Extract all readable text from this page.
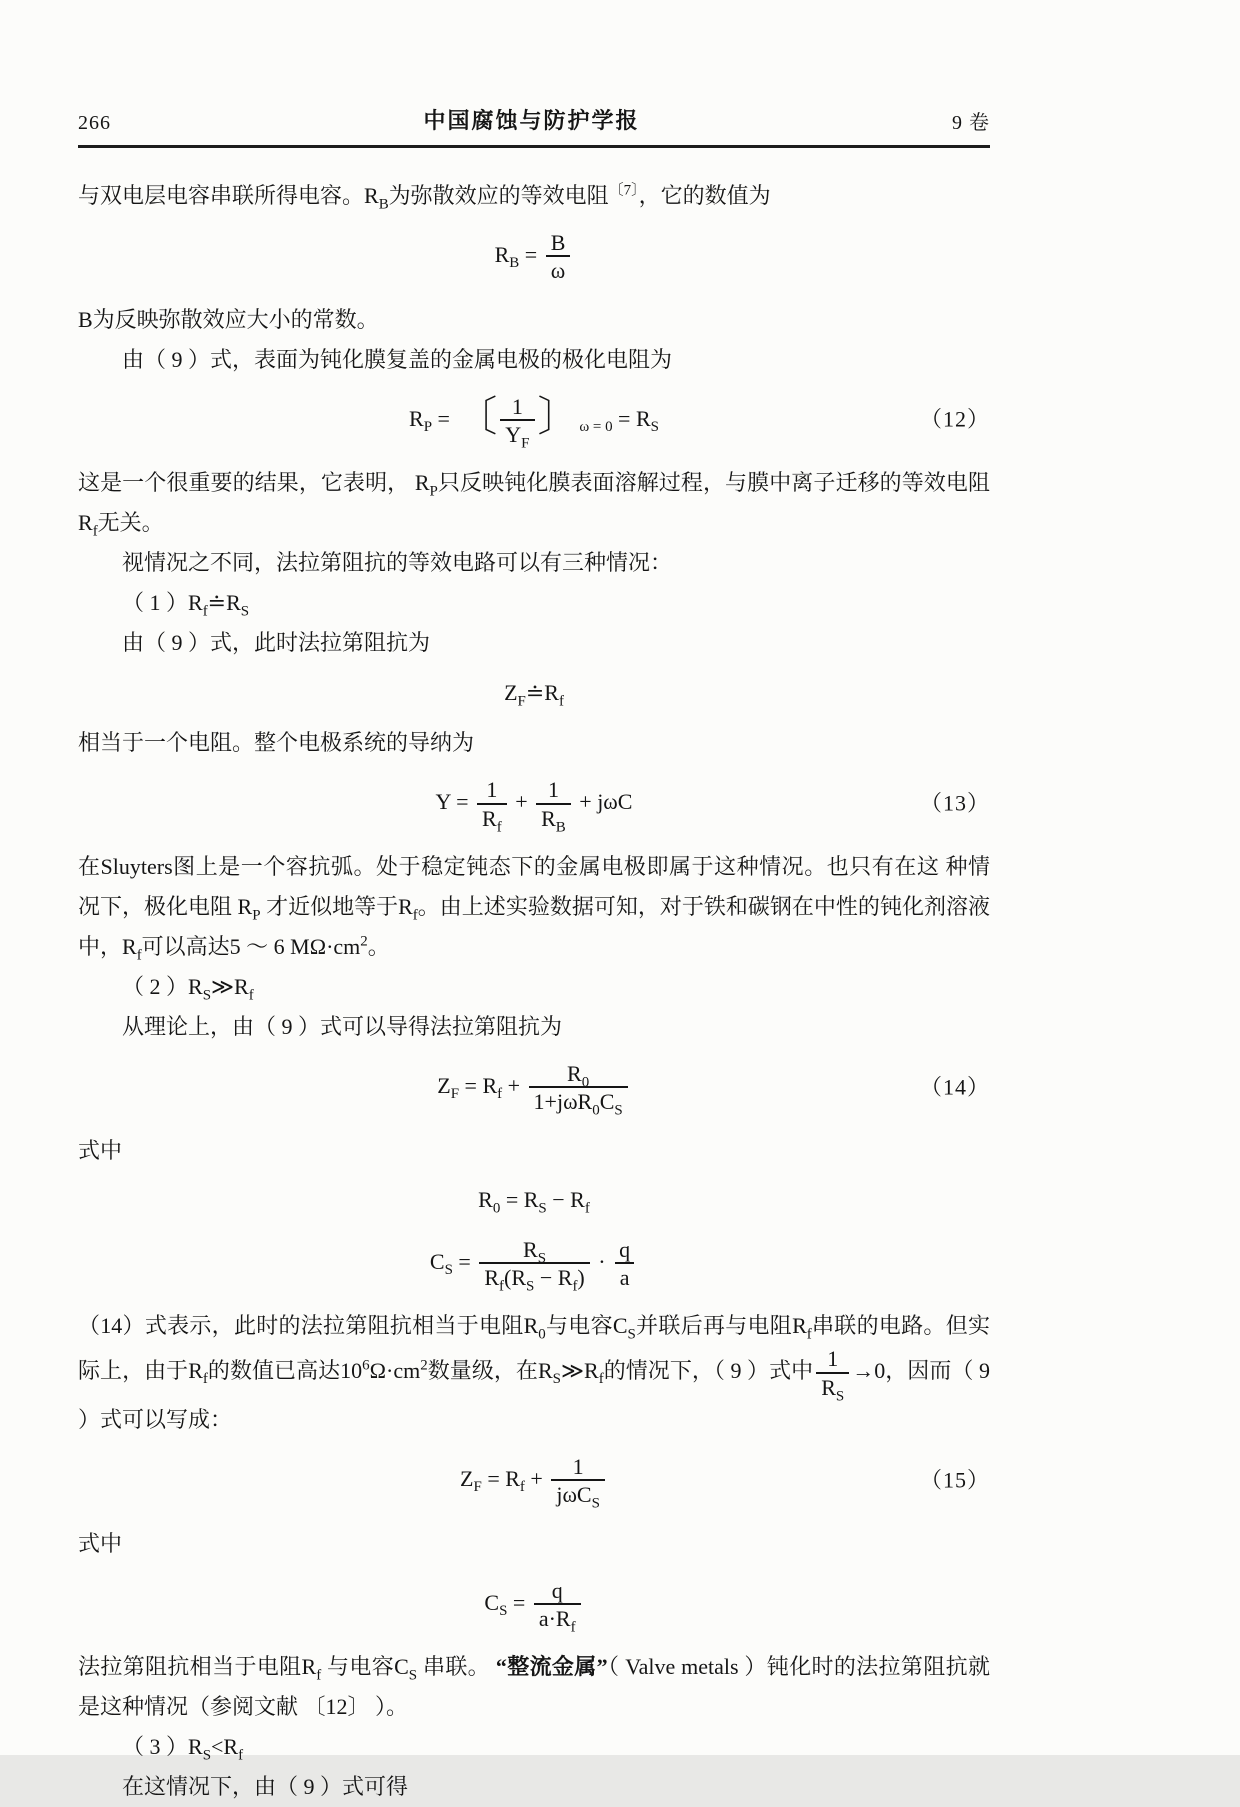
266	中国腐蚀与防护学报	9 卷

与双电层电容串联所得电容。$R_B$为弥散效应的等效电阻$^{〔7〕}$，它的数值为

$R_B = \frac{B}{\omega}$

B为反映弥散效应大小的常数。

由（ 9 ）式，表面为钝化膜复盖的金属电极的极化电阻为

$R_P$ = 〔 $\frac{1}{Y_F}$ 〕$_{\omega = 0} = R_S$	（12）

这是一个很重要的结果，它表明， $R_P$只反映钝化膜表面溶解过程，与膜中离子迁移的等效电阻$R_f$无关。

视情况之不同，法拉第阻抗的等效电路可以有三种情况：

（ 1 ）$R_f≐R_S$

由（ 9 ）式，此时法拉第阻抗为

$Z_F≐R_f$

相当于一个电阻。整个电极系统的导纳为

$Y = \frac{1}{R_f} + \frac{1}{R_B} + j\omega C$	（13）

在Sluyters图上是一个容抗弧。处于稳定钝态下的金属电极即属于这种情况。也只有在这 种情况下，极化电阻 $R_P$ 才近似地等于$R_f$。由上述实验数据可知，对于铁和碳钢在中性的钝化剂溶液中，$R_f$可以高达5 ～ 6 $M\Omega\cdot cm^2$。

（ 2 ）$R_S≫R_f$

从理论上，由（ 9 ）式可以导得法拉第阻抗为

$Z_F = R_f + \frac{R_0}{1+j\omega R_0C_S}$	（14）

式中

$R_0 = R_S - R_f$
$C_S = \frac{R_S}{R_f(R_S - R_f)} \cdot \frac{q}{a}$

（14）式表示，此时的法拉第阻抗相当于电阻$R_0$与电容$C_S$并联后再与电阻$R_f$串联的电路。但实际上，由于$R_f$的数值已高达$10^6\Omega\cdot cm^2$数量级，在$R_S≫R_f$的情况下，（ 9 ）式中 $\frac{1}{R_S} \to 0$，因而（ 9 ）式可以写成：

$Z_F = R_f + \frac{1}{j\omega C_S}$	（15）

式中

$C_S = \frac{q}{a\cdot R_f}$

法拉第阻抗相当于电阻$R_f$ 与电容$C_S$ 串联。 “整流金属”（ Valve metals ）钝化时的法拉第阻抗就是这种情况（参阅文献 〔12〕 ）。

（ 3 ）$R_S<R_f$

在这情况下，由（ 9 ）式可得
